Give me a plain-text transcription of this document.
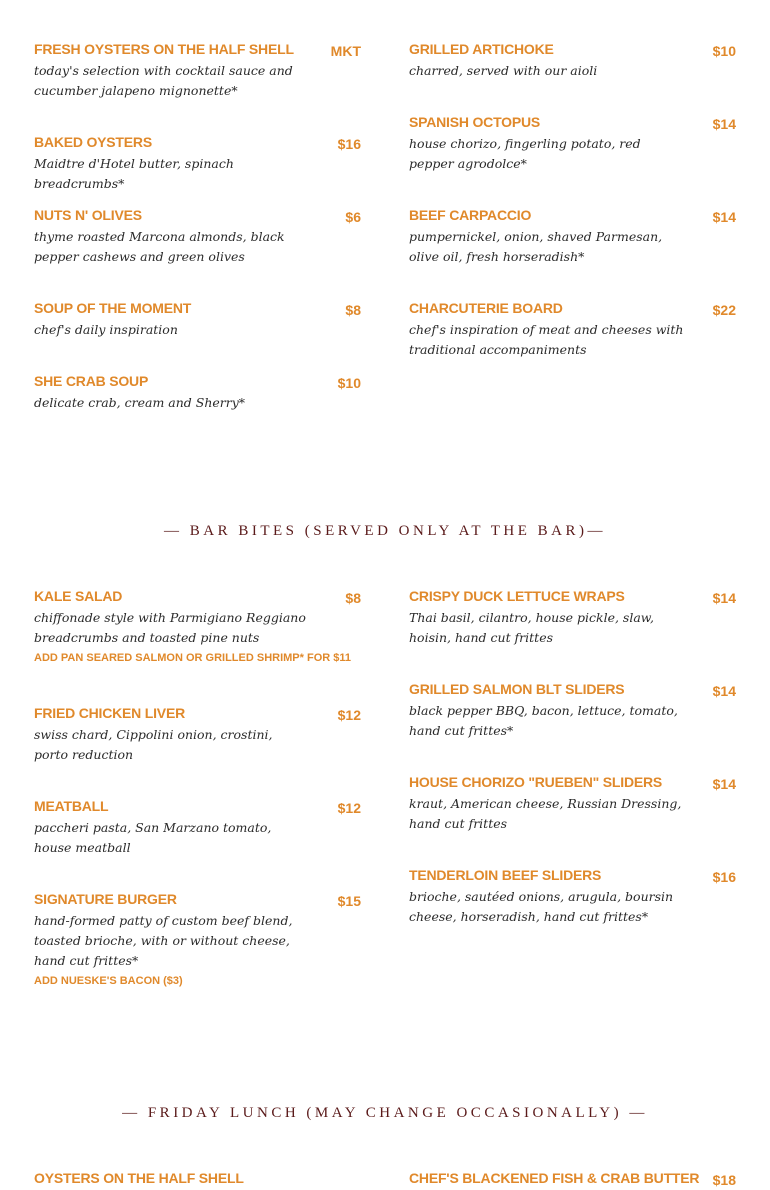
FRESH OYSTERS ON THE HALF SHELL	MKT
today's selection with cocktail sauce and cucumber jalapeno mignonette*
BAKED OYSTERS	$16
Maidtre d'Hotel butter, spinach breadcrumbs*
NUTS N' OLIVES	$6
thyme roasted Marcona almonds, black pepper cashews and green olives
SOUP OF THE MOMENT	$8
chef's daily inspiration
SHE CRAB SOUP	$10
delicate crab, cream and Sherry*
GRILLED ARTICHOKE	$10
charred, served with our aioli
SPANISH OCTOPUS	$14
house chorizo, fingerling potato, red pepper agrodolce*
BEEF CARPACCIO	$14
pumpernickel, onion, shaved Parmesan, olive oil, fresh horseradish*
CHARCUTERIE BOARD	$22
chef's inspiration of meat and cheeses with traditional accompaniments
— BAR BITES (SERVED ONLY AT THE BAR)—
KALE SALAD	$8
chiffonade style with Parmigiano Reggiano breadcrumbs and toasted pine nuts
ADD PAN SEARED SALMON OR GRILLED SHRIMP* FOR $11
FRIED CHICKEN LIVER	$12
swiss chard, Cippolini onion, crostini, porto reduction
MEATBALL	$12
paccheri pasta, San Marzano tomato, house meatball
SIGNATURE BURGER	$15
hand-formed patty of custom beef blend, toasted brioche, with or without cheese, hand cut frittes*
ADD NUESKE'S BACON ($3)
CRISPY DUCK LETTUCE WRAPS	$14
Thai basil, cilantro, house pickle, slaw, hoisin, hand cut frittes
GRILLED SALMON BLT SLIDERS	$14
black pepper BBQ, bacon, lettuce, tomato, hand cut frittes*
HOUSE CHORIZO "RUEBEN" SLIDERS	$14
kraut, American cheese, Russian Dressing, hand cut frittes
TENDERLOIN BEEF SLIDERS	$16
brioche, sautéed onions, arugula, boursin cheese, horseradish, hand cut frittes*
— FRIDAY LUNCH (MAY CHANGE OCCASIONALLY) —
OYSTERS ON THE HALF SHELL	CHEF'S BLACKENED FISH & CRAB BUTTER $18
